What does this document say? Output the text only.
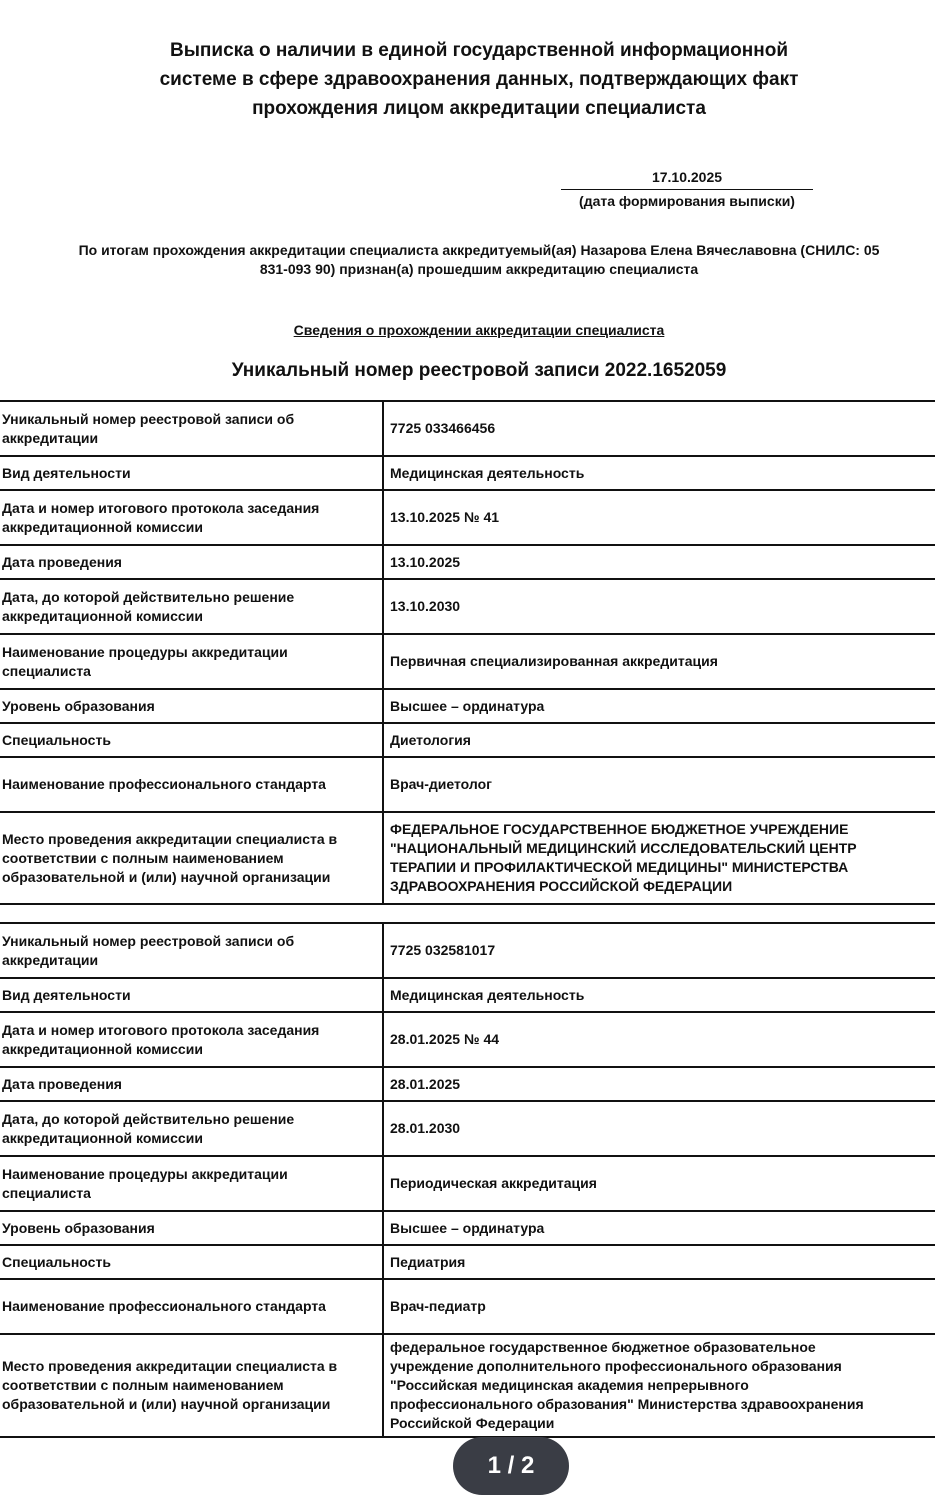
Выписка о наличии в единой государственной информационной
системе в сфере здравоохранения данных, подтверждающих факт
прохождения лицом аккредитации специалиста
17.10.2025
(дата формирования выписки)
По итогам прохождения аккредитации специалиста аккредитуемый(ая) Назарова Елена Вячеславовна (СНИЛС: 05
831-093 90) признан(а) прошедшим аккредитацию специалиста
Сведения о прохождении аккредитации специалиста
Уникальный номер реестровой записи 2022.1652059
Уникальный номер реестровой записи об аккредитации	7725 033466456
Вид деятельности	Медицинская деятельность
Дата и номер итогового протокола заседания аккредитационной комиссии	13.10.2025 № 41
Дата проведения	13.10.2025
Дата, до которой действительно решение аккредитационной комиссии	13.10.2030
Наименование процедуры аккредитации специалиста	Первичная специализированная аккредитация
Уровень образования	Высшее – ординатура
Специальность	Диетология
Наименование профессионального стандарта	Врач-диетолог
Место проведения аккредитации специалиста в соответствии с полным наименованием образовательной и (или) научной организации	ФЕДЕРАЛЬНОЕ ГОСУДАРСТВЕННОЕ БЮДЖЕТНОЕ УЧРЕЖДЕНИЕ
"НАЦИОНАЛЬНЫЙ МЕДИЦИНСКИЙ ИССЛЕДОВАТЕЛЬСКИЙ ЦЕНТР
ТЕРАПИИ И ПРОФИЛАКТИЧЕСКОЙ МЕДИЦИНЫ" МИНИСТЕРСТВА
ЗДРАВООХРАНЕНИЯ РОССИЙСКОЙ ФЕДЕРАЦИИ
Уникальный номер реестровой записи об аккредитации	7725 032581017
Вид деятельности	Медицинская деятельность
Дата и номер итогового протокола заседания аккредитационной комиссии	28.01.2025 № 44
Дата проведения	28.01.2025
Дата, до которой действительно решение аккредитационной комиссии	28.01.2030
Наименование процедуры аккредитации специалиста	Периодическая аккредитация
Уровень образования	Высшее – ординатура
Специальность	Педиатрия
Наименование профессионального стандарта	Врач-педиатр
Место проведения аккредитации специалиста в соответствии с полным наименованием образовательной и (или) научной организации	федеральное государственное бюджетное образовательное
учреждение дополнительного профессионального образования
"Российская медицинская академия непрерывного
профессионального образования" Министерства здравоохранения
Российской Федерации
1 / 2
